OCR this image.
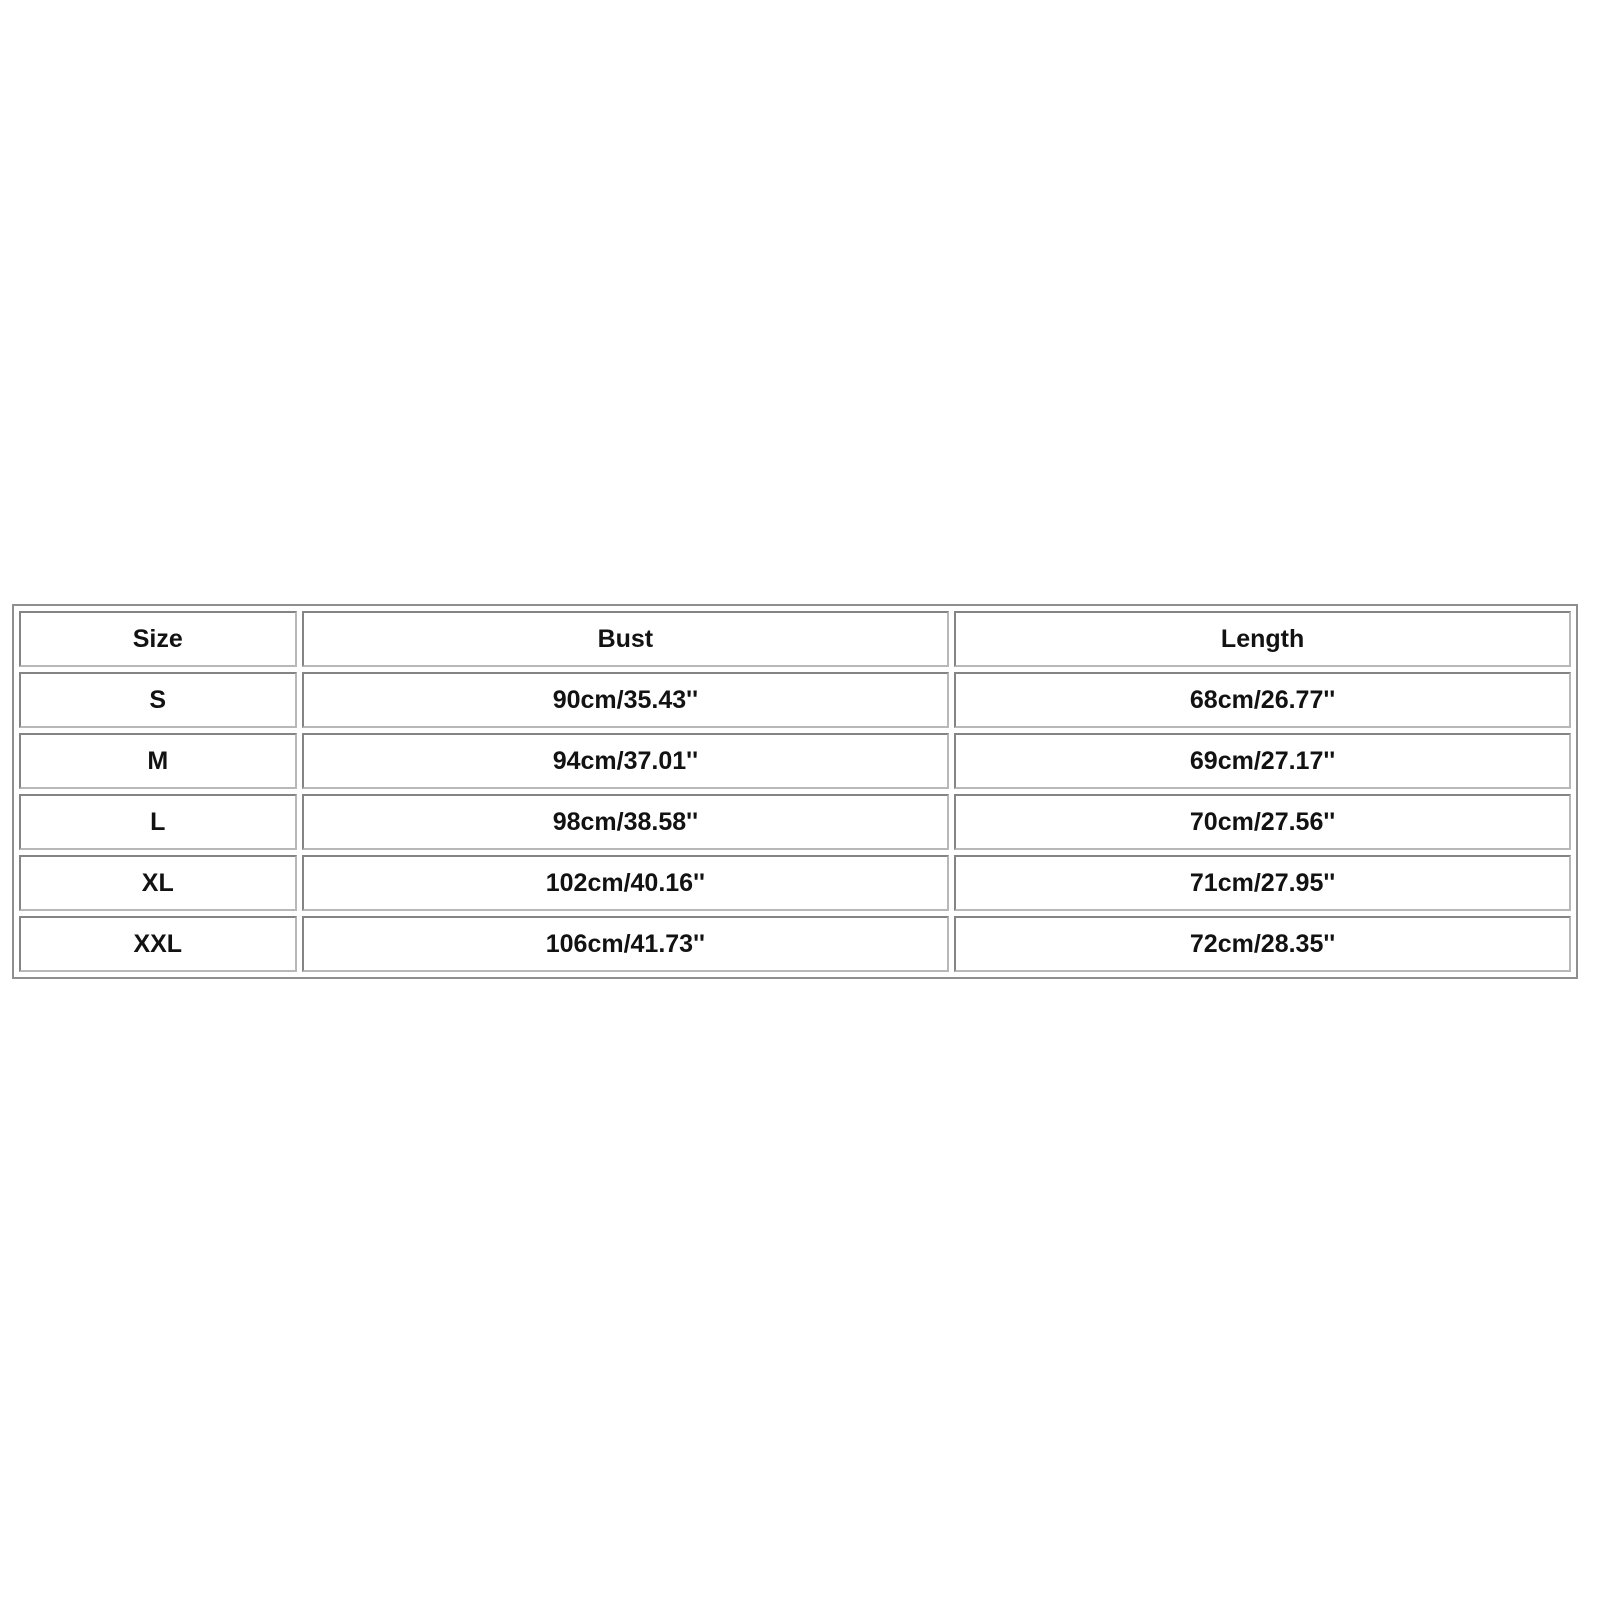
Size	Bust	Length
S	90cm/35.43''	68cm/26.77''
M	94cm/37.01''	69cm/27.17''
L	98cm/38.58''	70cm/27.56''
XL	102cm/40.16''	71cm/27.95''
XXL	106cm/41.73''	72cm/28.35''
